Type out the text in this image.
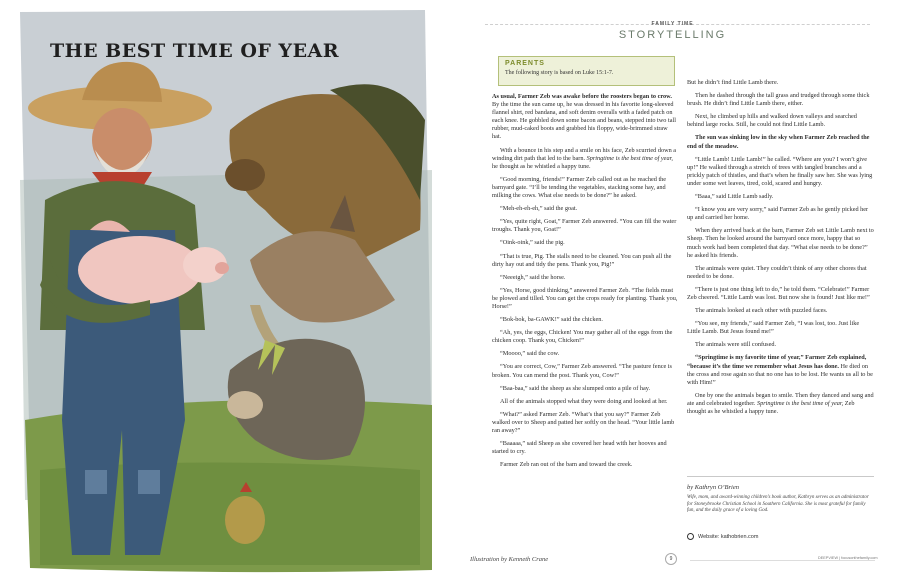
THE BEST TIME OF YEAR
Illustration by Kenneth Crane
FAMILY TIME
STORYTELLING
PARENTS
The following story is based on Luke 15:1-7.

As usual, Farmer Zeb was awake before the roosters began to crow. By the time the sun came up, he was dressed in his favorite long-sleeved flannel shirt, red bandana, and soft denim overalls with a faded patch on each knee. He gobbled down some bacon and beans, stepped into two tall rubber, mud-caked boots and grabbed his floppy, wide-brimmed straw hat.

With a bounce in his step and a smile on his face, Zeb scurried down a winding dirt path that led to the barn. Springtime is the best time of year, he thought as he whistled a happy tune.

“Good morning, friends!” Farmer Zeb called out as he reached the barnyard gate. “I’ll be tending the vegetables, stacking some hay, and milking the cows. What else needs to be done?” he asked.

“Meh-eh-eh-eh,” said the goat.

“Yes, quite right, Goat,” Farmer Zeb answered. “You can fill the water troughs. Thank you, Goat!”

“Oink-oink,” said the pig.

“That is true, Pig. The stalls need to be cleaned. You can push all the dirty hay out and tidy the pens. Thank you, Pig!”

“Neeeigh,” said the horse.

“Yes, Horse, good thinking,” answered Farmer Zeb. “The fields must be plowed and tilled. You can get the crops ready for planting. Thank you, Horse!”

“Bok-bok, ba-GAWK!” said the chicken.

“Ah, yes, the eggs, Chicken! You may gather all of the eggs from the chicken coop. Thank you, Chicken!”

“Moooo,” said the cow.

“You are correct, Cow,” Farmer Zeb answered. “The pasture fence is broken. You can mend the post. Thank you, Cow!”

“Baa-baa,” said the sheep as she slumped onto a pile of hay.

All of the animals stopped what they were doing and looked at her.

“What?” asked Farmer Zeb. “What’s that you say?” Farmer Zeb walked over to Sheep and patted her softly on the head. “Your little lamb ran away?”

“Baaaaa,” said Sheep as she covered her head with her hooves and started to cry.

Farmer Zeb ran out of the barn and toward the creek.

But he didn’t find Little Lamb there.

Then he dashed through the tall grass and trudged through some thick brush. He didn’t find Little Lamb there, either.

Next, he climbed up hills and walked down valleys and searched behind large rocks. Still, he could not find Little Lamb.

The sun was sinking low in the sky when Farmer Zeb reached the end of the meadow.

“Little Lamb! Little Lamb!” he called. “Where are you? I won’t give up!” He walked through a stretch of trees with tangled branches and a prickly patch of thistles, and that’s when he finally saw her. She was lying under some wet leaves, tired, cold, scared and hungry.

“Baaa,” said Little Lamb sadly.

“I know you are very sorry,” said Farmer Zeb as he gently picked her up and carried her home.

When they arrived back at the barn, Farmer Zeb set Little Lamb next to Sheep. Then he looked around the barnyard once more, happy that so much work had been completed that day. “What else needs to be done?” he asked his friends.

The animals were quiet. They couldn’t think of any other chores that needed to be done.

“There is just one thing left to do,” he told them. “Celebrate!” Farmer Zeb cheered. “Little Lamb was lost. But now she is found! Just like me!”

The animals looked at each other with puzzled faces.

“You see, my friends,” said Farmer Zeb, “I was lost, too. Just like Little Lamb. But Jesus found me!”

The animals were still confused.

“Springtime is my favorite time of year,” Farmer Zeb explained, “because it’s the time we remember what Jesus has done. He died on the cross and rose again so that no one has to be lost. He wants us all to be with Him!”

One by one the animals began to smile. Then they danced and sang and ate and celebrated together. Springtime is the best time of year, Zeb thought as he whistled a happy tune.

by Kathryn O’Brien
Wife, mom, and award-winning children’s book author, Kathryn serves as an administrator for Stoneybrooke Christian School in Southern California. She is most grateful for family fun, and the daily grace of a loving God.
Website: kathobrien.com
9	DEEPVIEW | focusonthefamily.com
